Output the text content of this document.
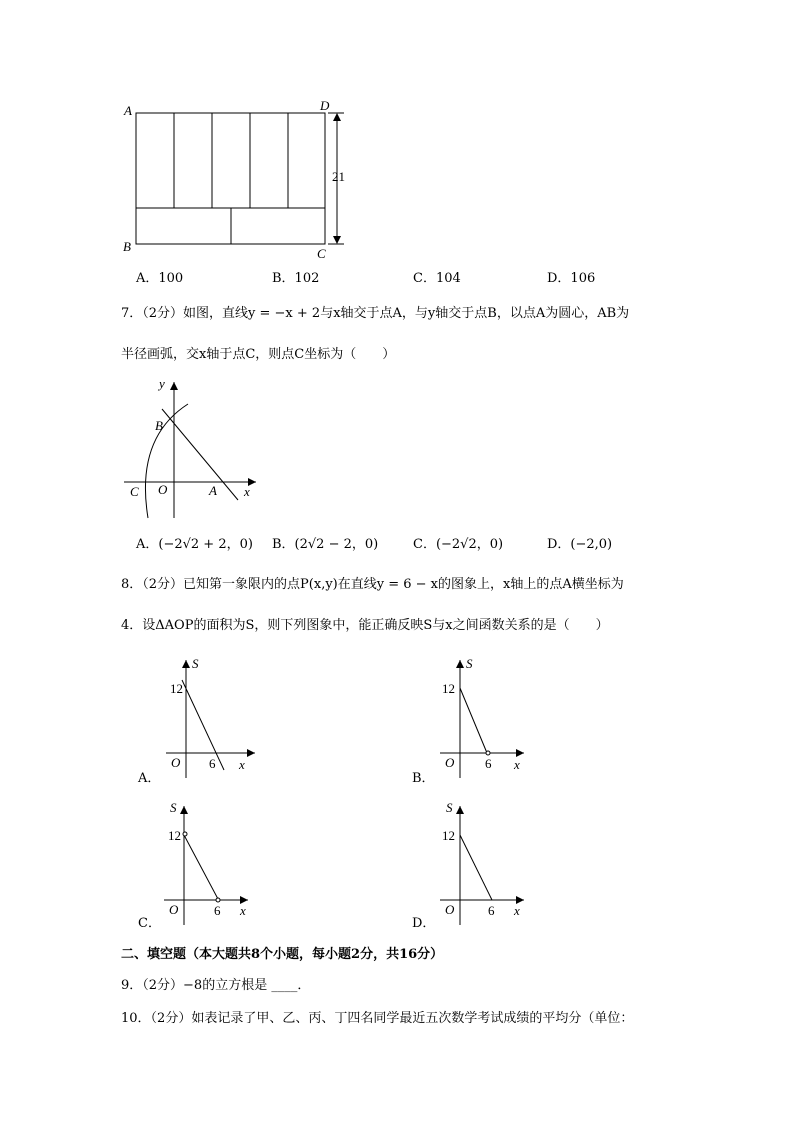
A	D
B	C
21
A．100	B．102	C．104	D．106
7．（2分）如图，直线y = −x + 2与x轴交于点A，与y轴交于点B，以点A为圆心，AB为
半径画弧，交x轴于点C，则点C坐标为（　　）
y
x
B
C O	A
A．(−2√2 + 2，0) B．(2√2 − 2，0)	C．(−2√2，0)	D．(−2,0)
8．（2分）已知第一象限内的点P(x,y)在直线y = 6 − x的图象上，x轴上的点A横坐标为
4．设ΔAOP的面积为S，则下列图象中，能正确反映S与x之间函数关系的是（　　）
S
12
O 6 x
S
12
O 6 x
S
12
O	6 x
S
12
O	6 x
A．	B．
C．	D．
二、填空题（本大题共8个小题，每小题2分，共16分）
9．（2分）−8的立方根是 ____．
10．（2分）如表记录了甲、乙、丙、丁四名同学最近五次数学考试成绩的平均分（单位：
